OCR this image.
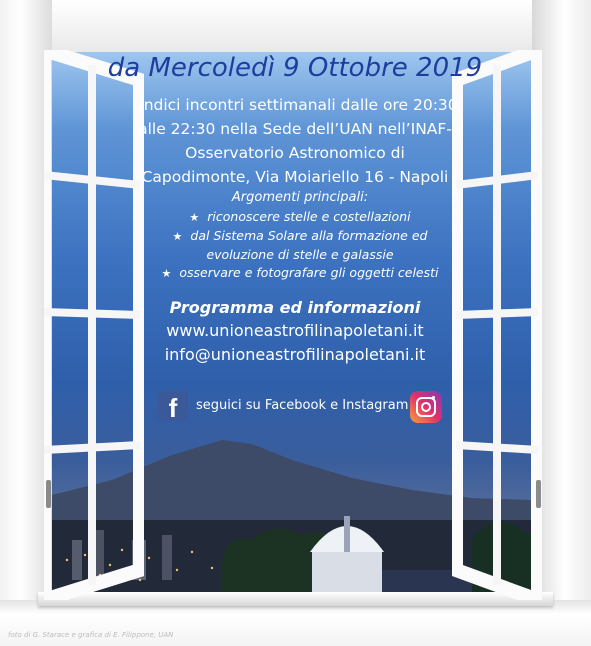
da Mercoledì 9 Ottobre 2019
Undici incontri settimanali dalle ore 20:30
alle 22:30 nella Sede dell’UAN nell’INAF-
Osservatorio Astronomico di
Capodimonte, Via Moiariello 16 - Napoli
Argomenti principali:
★ riconoscere stelle e costellazioni
★ dal Sistema Solare alla formazione ed evoluzione di stelle e galassie
★ osservare e fotografare gli oggetti celesti
Programma ed informazioni
www.unioneastrofilinapoletani.it
info@unioneastrofilinapoletani.it
f	seguici su Facebook e Instagram
foto di G. Starace e grafica di E. Filippone, UAN
